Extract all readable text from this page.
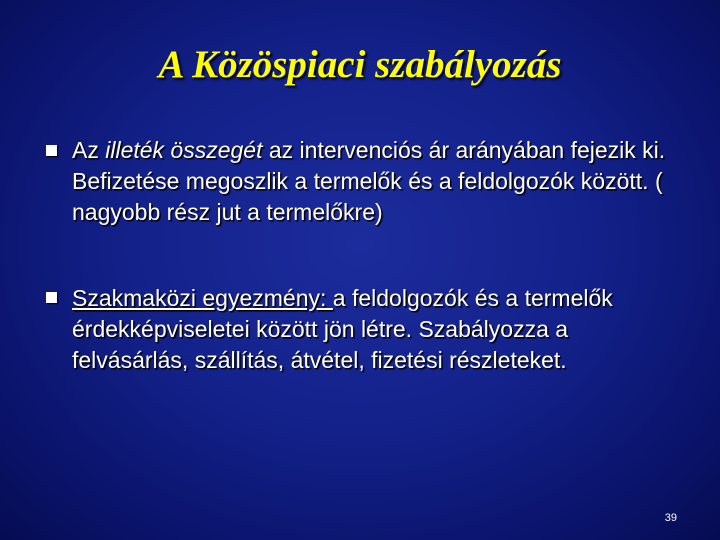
A Közöspiaci szabályozás
Az illeték összegét az intervenciós ár arányában fejezik ki. Befizetése megoszlik a termelők és a feldolgozók között. ( nagyobb rész jut a termelőkre)
Szakmaközi egyezmény: a feldolgozók és a termelők érdekképviseletei között jön létre. Szabályozza a felvásárlás, szállítás, átvétel, fizetési részleteket.
39
